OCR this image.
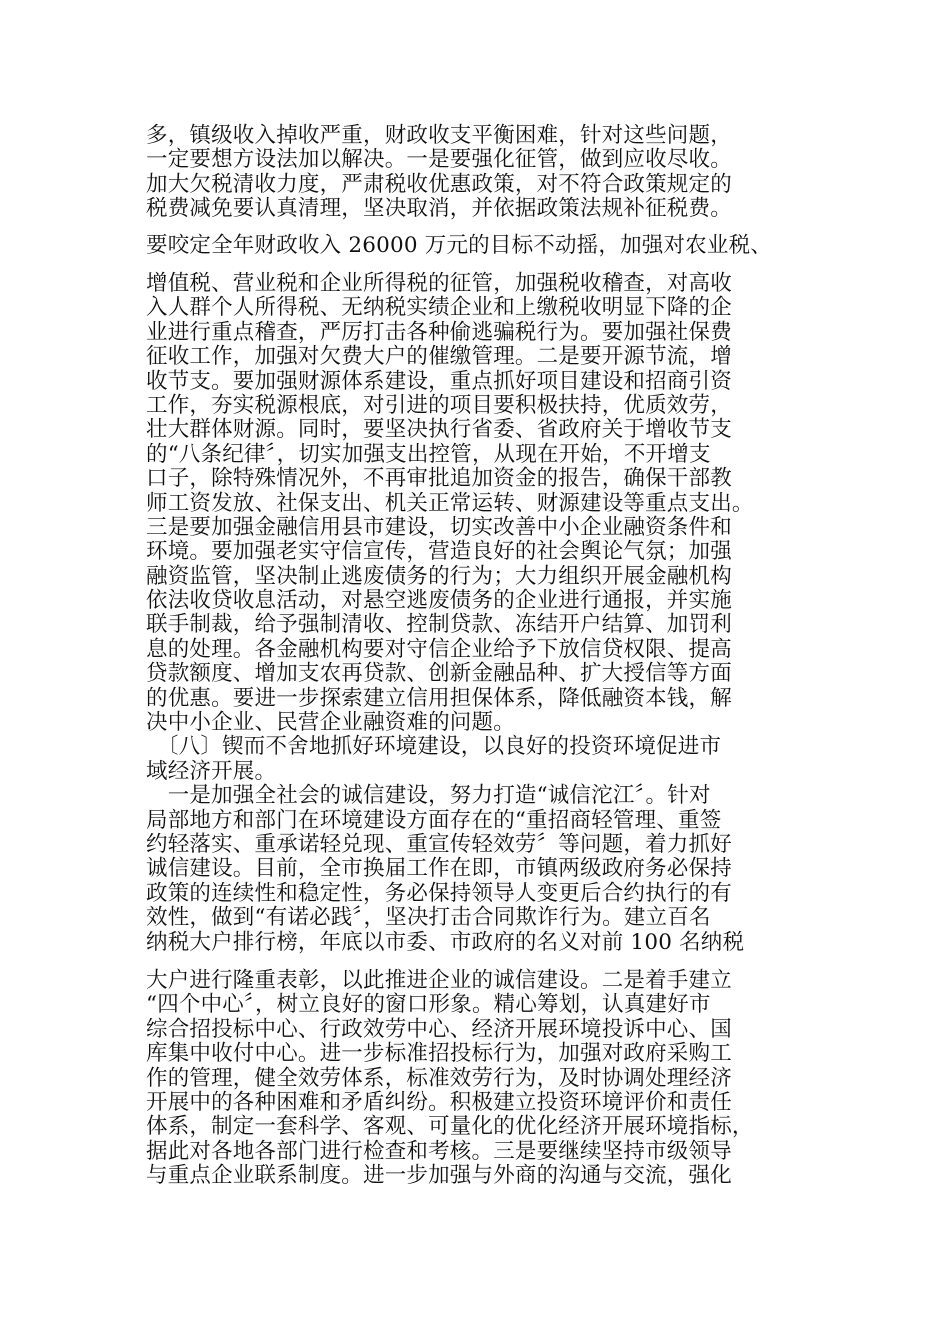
多，镇级收入掉收严重，财政收支平衡困难，针对这些问题，
一定要想方设法加以解决。一是要强化征管，做到应收尽收。
加大欠税清收力度，严肃税收优惠政策，对不符合政策规定的
税费减免要认真清理，坚决取消，并依据政策法规补征税费。
要咬定全年财政收入 26000 万元的目标不动摇，加强对农业税、
增值税、营业税和企业所得税的征管，加强税收稽查，对高收
入人群个人所得税、无纳税实绩企业和上缴税收明显下降的企
业进行重点稽查，严厉打击各种偷逃骗税行为。要加强社保费
征收工作，加强对欠费大户的催缴管理。二是要开源节流，增
收节支。要加强财源体系建设，重点抓好项目建设和招商引资
工作，夯实税源根底，对引进的项目要积极扶持，优质效劳，
壮大群体财源。同时，要坚决执行省委、省政府关于增收节支
的“八条纪律〞，切实加强支出控管，从现在开始，不开增支
口子，除特殊情况外，不再审批追加资金的报告，确保干部教
师工资发放、社保支出、机关正常运转、财源建设等重点支出。
三是要加强金融信用县市建设，切实改善中小企业融资条件和
环境。要加强老实守信宣传，营造良好的社会舆论气氛；加强
融资监管，坚决制止逃废债务的行为；大力组织开展金融机构
依法收贷收息活动，对悬空逃废债务的企业进行通报，并实施
联手制裁，给予强制清收、控制贷款、冻结开户结算、加罚利
息的处理。各金融机构要对守信企业给予下放信贷权限、提高
贷款额度、增加支农再贷款、创新金融品种、扩大授信等方面
的优惠。要进一步探索建立信用担保体系，降低融资本钱，解
决中小企业、民营企业融资难的问题。
　〔八〕锲而不舍地抓好环境建设，以良好的投资环境促进市
域经济开展。
　一是加强全社会的诚信建设，努力打造“诚信沱江〞。针对
局部地方和部门在环境建设方面存在的“重招商轻管理、重签
约轻落实、重承诺轻兑现、重宣传轻效劳〞等问题，着力抓好
诚信建设。目前，全市换届工作在即，市镇两级政府务必保持
政策的连续性和稳定性，务必保持领导人变更后合约执行的有
效性，做到“有诺必践〞，坚决打击合同欺诈行为。建立百名
纳税大户排行榜，年底以市委、市政府的名义对前 100 名纳税
大户进行隆重表彰，以此推进企业的诚信建设。二是着手建立
“四个中心〞，树立良好的窗口形象。精心筹划，认真建好市
综合招投标中心、行政效劳中心、经济开展环境投诉中心、国
库集中收付中心。进一步标准招投标行为，加强对政府采购工
作的管理，健全效劳体系，标准效劳行为，及时协调处理经济
开展中的各种困难和矛盾纠纷。积极建立投资环境评价和责任
体系，制定一套科学、客观、可量化的优化经济开展环境指标，
据此对各地各部门进行检查和考核。三是要继续坚持市级领导
与重点企业联系制度。进一步加强与外商的沟通与交流，强化
